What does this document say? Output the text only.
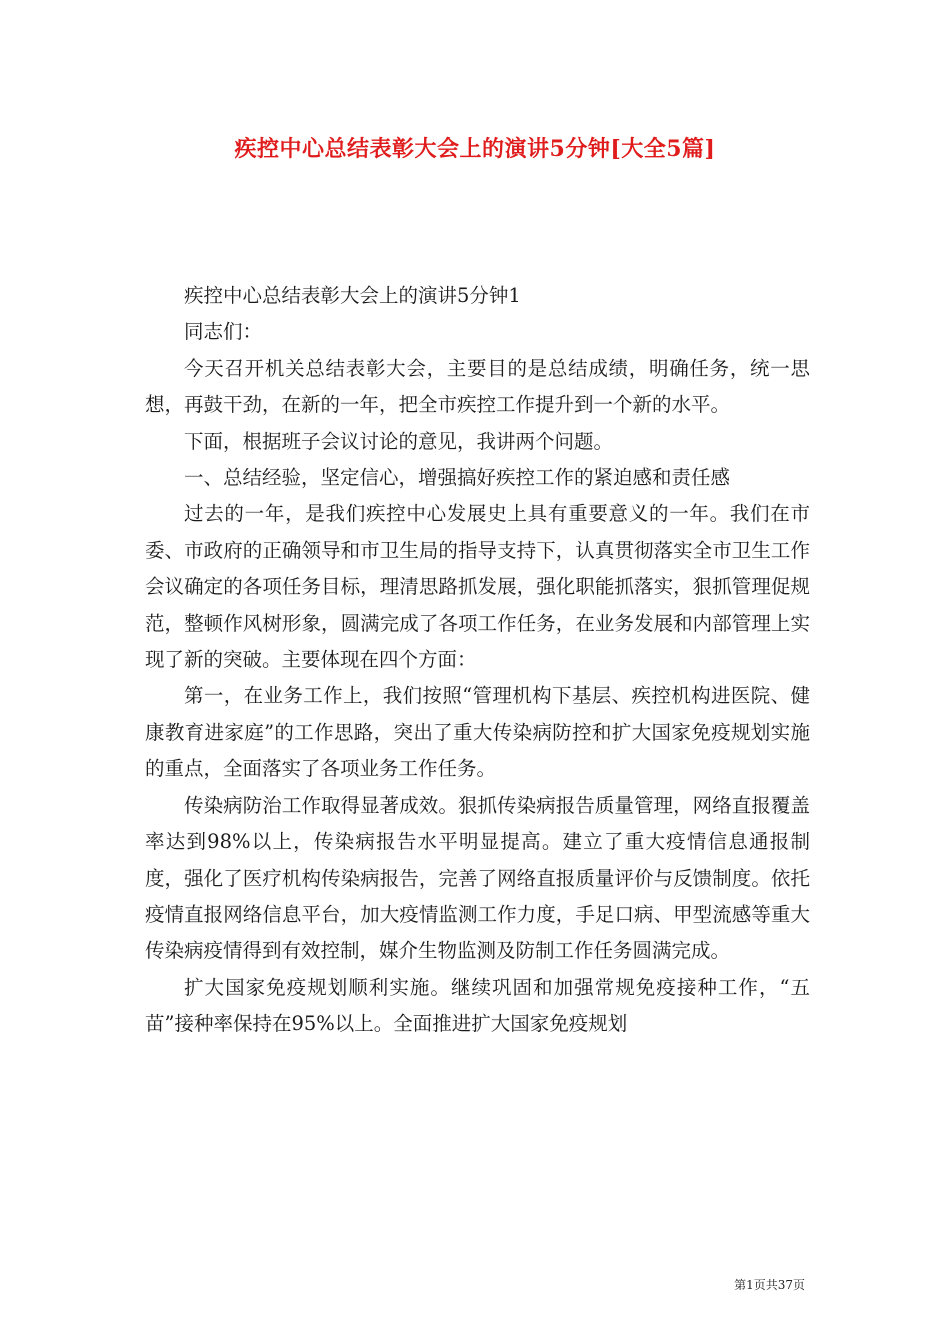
疾控中心总结表彰大会上的演讲5分钟[大全5篇]

疾控中心总结表彰大会上的演讲5分钟1

同志们：

今天召开机关总结表彰大会，主要目的是总结成绩，明确任务，统一思想，再鼓干劲，在新的一年，把全市疾控工作提升到一个新的水平。

下面，根据班子会议讨论的意见，我讲两个问题。

一、总结经验，坚定信心，增强搞好疾控工作的紧迫感和责任感

过去的一年，是我们疾控中心发展史上具有重要意义的一年。我们在市委、市政府的正确领导和市卫生局的指导支持下，认真贯彻落实全市卫生工作会议确定的各项任务目标，理清思路抓发展，强化职能抓落实，狠抓管理促规范，整顿作风树形象，圆满完成了各项工作任务，在业务发展和内部管理上实现了新的突破。主要体现在四个方面：

第一，在业务工作上，我们按照“管理机构下基层、疾控机构进医院、健康教育进家庭”的工作思路，突出了重大传染病防控和扩大国家免疫规划实施的重点，全面落实了各项业务工作任务。

传染病防治工作取得显著成效。狠抓传染病报告质量管理，网络直报覆盖率达到98%以上，传染病报告水平明显提高。建立了重大疫情信息通报制度，强化了医疗机构传染病报告，完善了网络直报质量评价与反馈制度。依托疫情直报网络信息平台，加大疫情监测工作力度，手足口病、甲型流感等重大传染病疫情得到有效控制，媒介生物监测及防制工作任务圆满完成。

扩大国家免疫规划顺利实施。继续巩固和加强常规免疫接种工作，“五苗”接种率保持在95%以上。全面推进扩大国家免疫规划

第1页共37页
